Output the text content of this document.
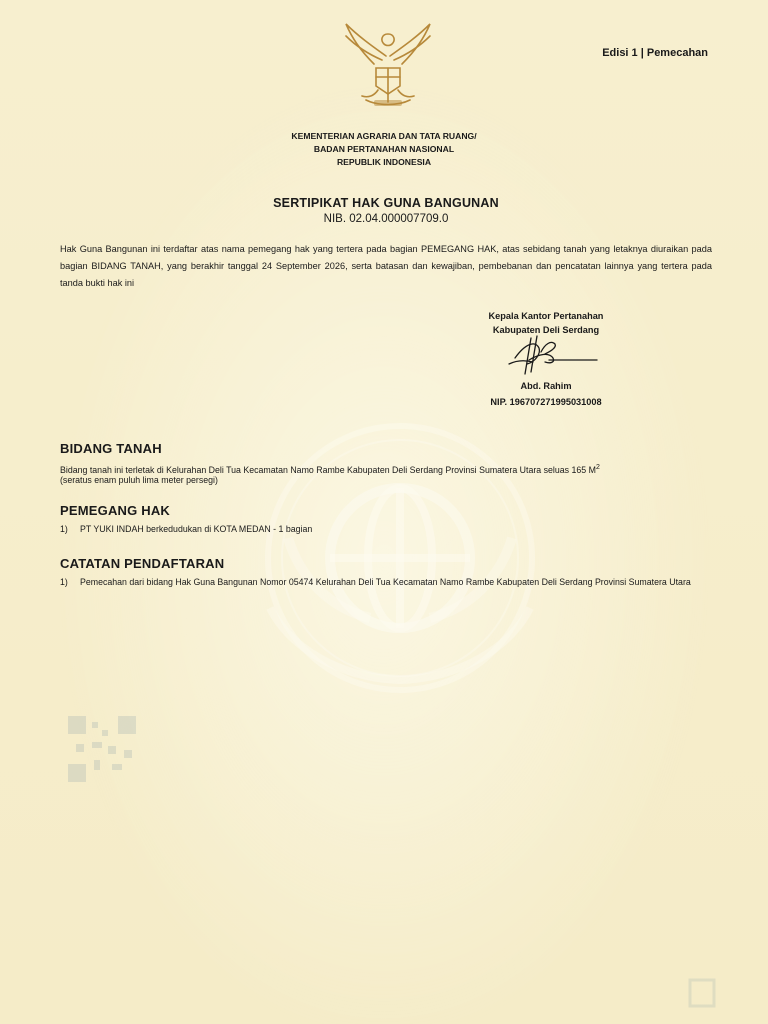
Edisi 1 | Pemecahan
KEMENTERIAN AGRARIA DAN TATA RUANG/
BADAN PERTANAHAN NASIONAL
REPUBLIK INDONESIA
SERTIPIKAT HAK GUNA BANGUNAN
NIB. 02.04.000007709.0
Hak Guna Bangunan ini terdaftar atas nama pemegang hak yang tertera pada bagian PEMEGANG HAK, atas sebidang tanah yang letaknya diuraikan pada bagian BIDANG TANAH, yang berakhir tanggal 24 September 2026, serta batasan dan kewajiban, pembebanan dan pencatatan lainnya yang tertera pada tanda bukti hak ini
Kepala Kantor Pertanahan
Kabupaten Deli Serdang
Abd. Rahim
NIP. 196707271995031008
BIDANG TANAH
Bidang tanah ini terletak di Kelurahan Deli Tua Kecamatan Namo Rambe Kabupaten Deli Serdang Provinsi Sumatera Utara seluas 165 $M^2$
(seratus enam puluh lima meter persegi)
PEMEGANG HAK
1)	PT YUKI INDAH berkedudukan di KOTA MEDAN - 1 bagian
CATATAN PENDAFTARAN
1)	Pemecahan dari bidang Hak Guna Bangunan Nomor 05474 Kelurahan Deli Tua Kecamatan Namo Rambe Kabupaten Deli Serdang Provinsi Sumatera Utara
